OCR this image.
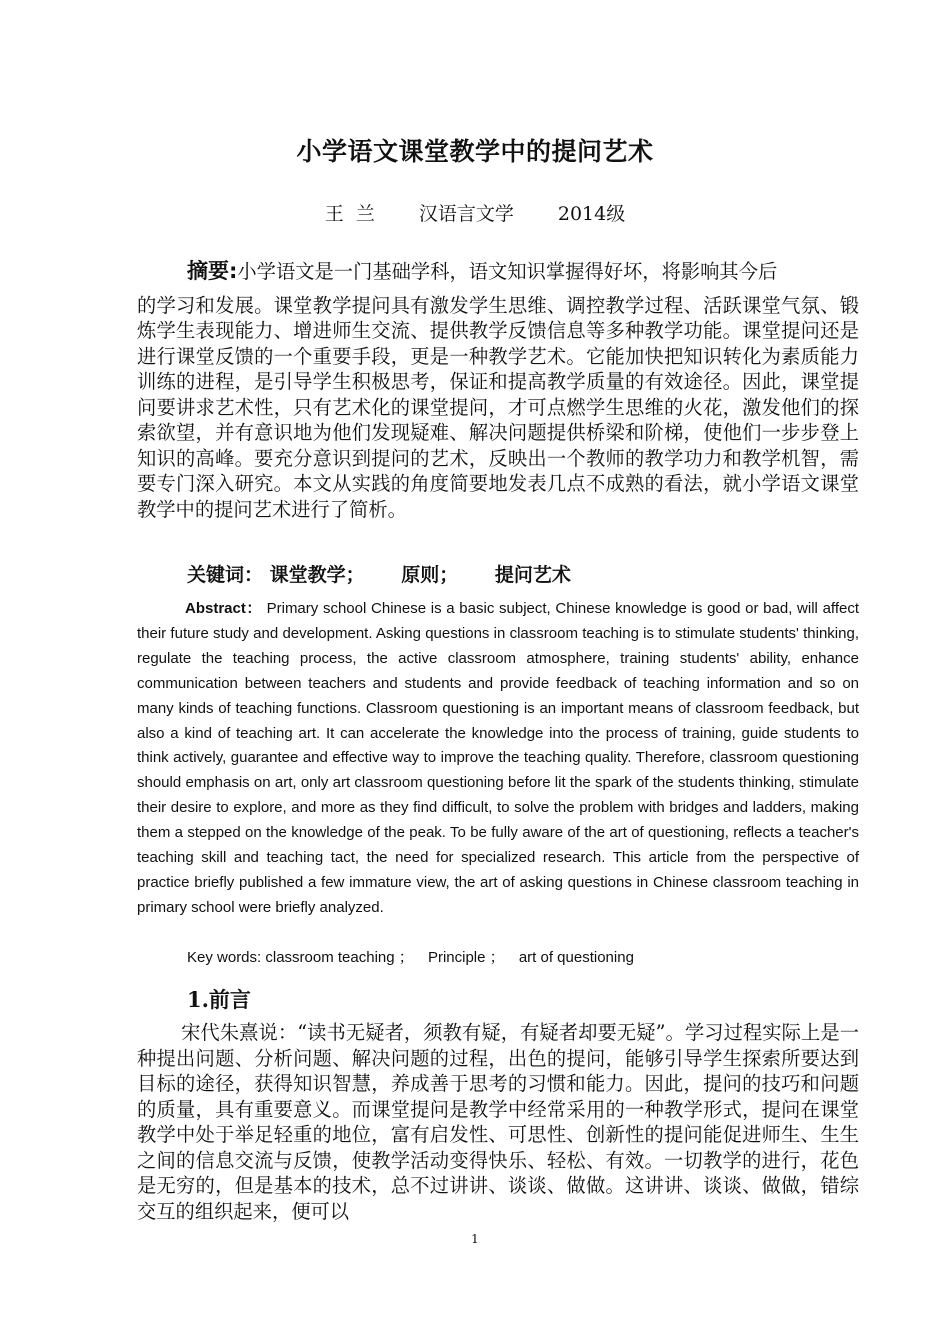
小学语文课堂教学中的提问艺术

王  兰 汉语言文学 2014级

摘要:小学语文是一门基础学科，语文知识掌握得好坏，将影响其今后
的学习和发展。课堂教学提问具有激发学生思维、调控教学过程、活跃课堂气氛、锻炼学生表现能力、增进师生交流、提供教学反馈信息等多种教学功能。课堂提问还是进行课堂反馈的一个重要手段，更是一种教学艺术。它能加快把知识转化为素质能力训练的进程，是引导学生积极思考，保证和提高教学质量的有效途径。因此，课堂提问要讲求艺术性，只有艺术化的课堂提问，才可点燃学生思维的火花，激发他们的探索欲望，并有意识地为他们发现疑难、解决问题提供桥梁和阶梯，使他们一步步登上知识的高峰。要充分意识到提问的艺术，反映出一个教师的教学功力和教学机智，需要专门深入研究。本文从实践的角度简要地发表几点不成熟的看法，就小学语文课堂教学中的提问艺术进行了简析。

关键词： 课堂教学； 原则； 提问艺术

Abstract： Primary school Chinese is a basic subject, Chinese knowledge is good or bad, will affect their future study and development. Asking questions in classroom teaching is to stimulate students' thinking, regulate the teaching process, the active classroom atmosphere, training students' ability, enhance communication between teachers and students and provide feedback of teaching information and so on many kinds of teaching functions. Classroom questioning is an important means of classroom feedback, but also a kind of teaching art. It can accelerate the knowledge into the process of training, guide students to think actively, guarantee and effective way to improve the teaching quality. Therefore, classroom questioning should emphasis on art, only art classroom questioning before lit the spark of the students thinking, stimulate their desire to explore, and more as they find difficult, to solve the problem with bridges and ladders, making them a stepped on the knowledge of the peak. To be fully aware of the art of questioning, reflects a teacher's teaching skill and teaching tact, the need for specialized research. This article from the perspective of practice briefly published a few immature view, the art of asking questions in Chinese classroom teaching in primary school were briefly analyzed.

Key words: classroom teaching ； Principle ； art of questioning

1.前言

宋代朱熹说：“读书无疑者，须教有疑，有疑者却要无疑”。学习过程实际上是一种提出问题、分析问题、解决问题的过程，出色的提问，能够引导学生探索所要达到目标的途径，获得知识智慧，养成善于思考的习惯和能力。因此，提问的技巧和问题的质量，具有重要意义。而课堂提问是教学中经常采用的一种教学形式，提问在课堂教学中处于举足轻重的地位，富有启发性、可思性、创新性的提问能促进师生、生生之间的信息交流与反馈，使教学活动变得快乐、轻松、有效。一切教学的进行，花色是无穷的，但是基本的技术，总不过讲讲、谈谈、做做。这讲讲、谈谈、做做，错综交互的组织起来，便可以

1
